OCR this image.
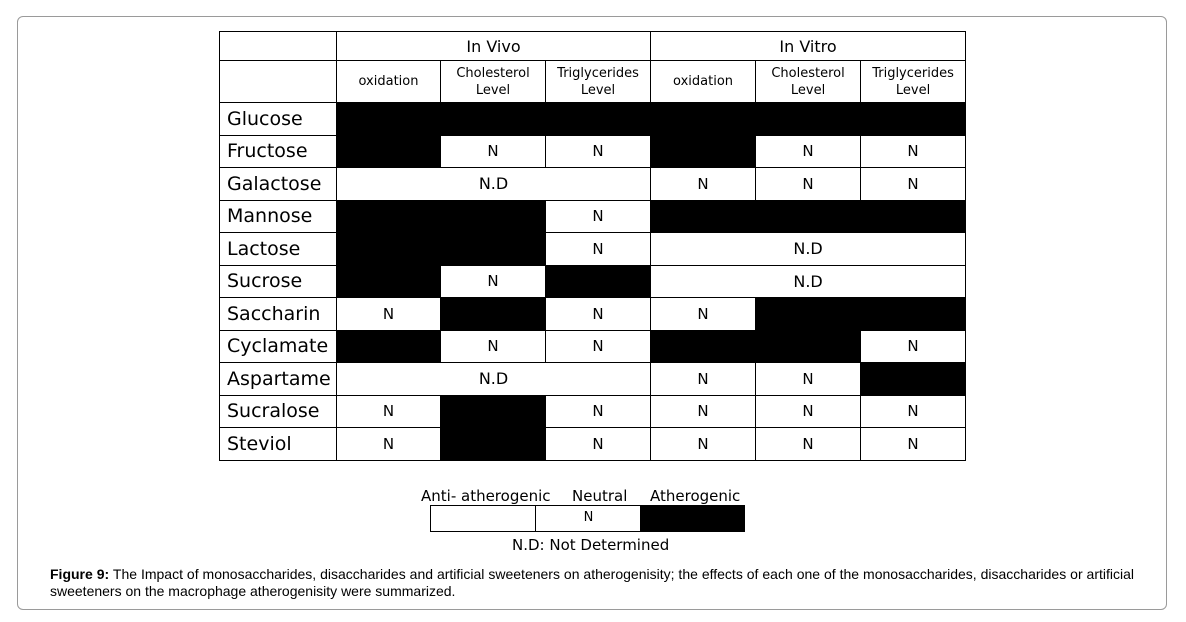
	In Vivo			In Vitro		
	oxidation	Cholesterol Level	Triglycerides Level	oxidation	Cholesterol Level	Triglycerides Level
Glucose						
Fructose		N	N		N	N
Galactose	N.D			N	N	N
Mannose			N			
Lactose			N	N.D		
Sucrose		N		N.D		
Saccharin	N		N	N		
Cyclamate		N	N			N
Aspartame	N.D			N	N	
Sucralose	N		N	N	N	N
Steviol	N		N	N	N	N
Anti- atherogenic Neutral Atherogenic
N
N.D: Not Determined
Figure 9: The Impact of monosaccharides, disaccharides and artificial sweeteners on atherogenisity; the effects of each one of the monosaccharides, disaccharides or artificial sweeteners on the macrophage atherogenisity were summarized.
